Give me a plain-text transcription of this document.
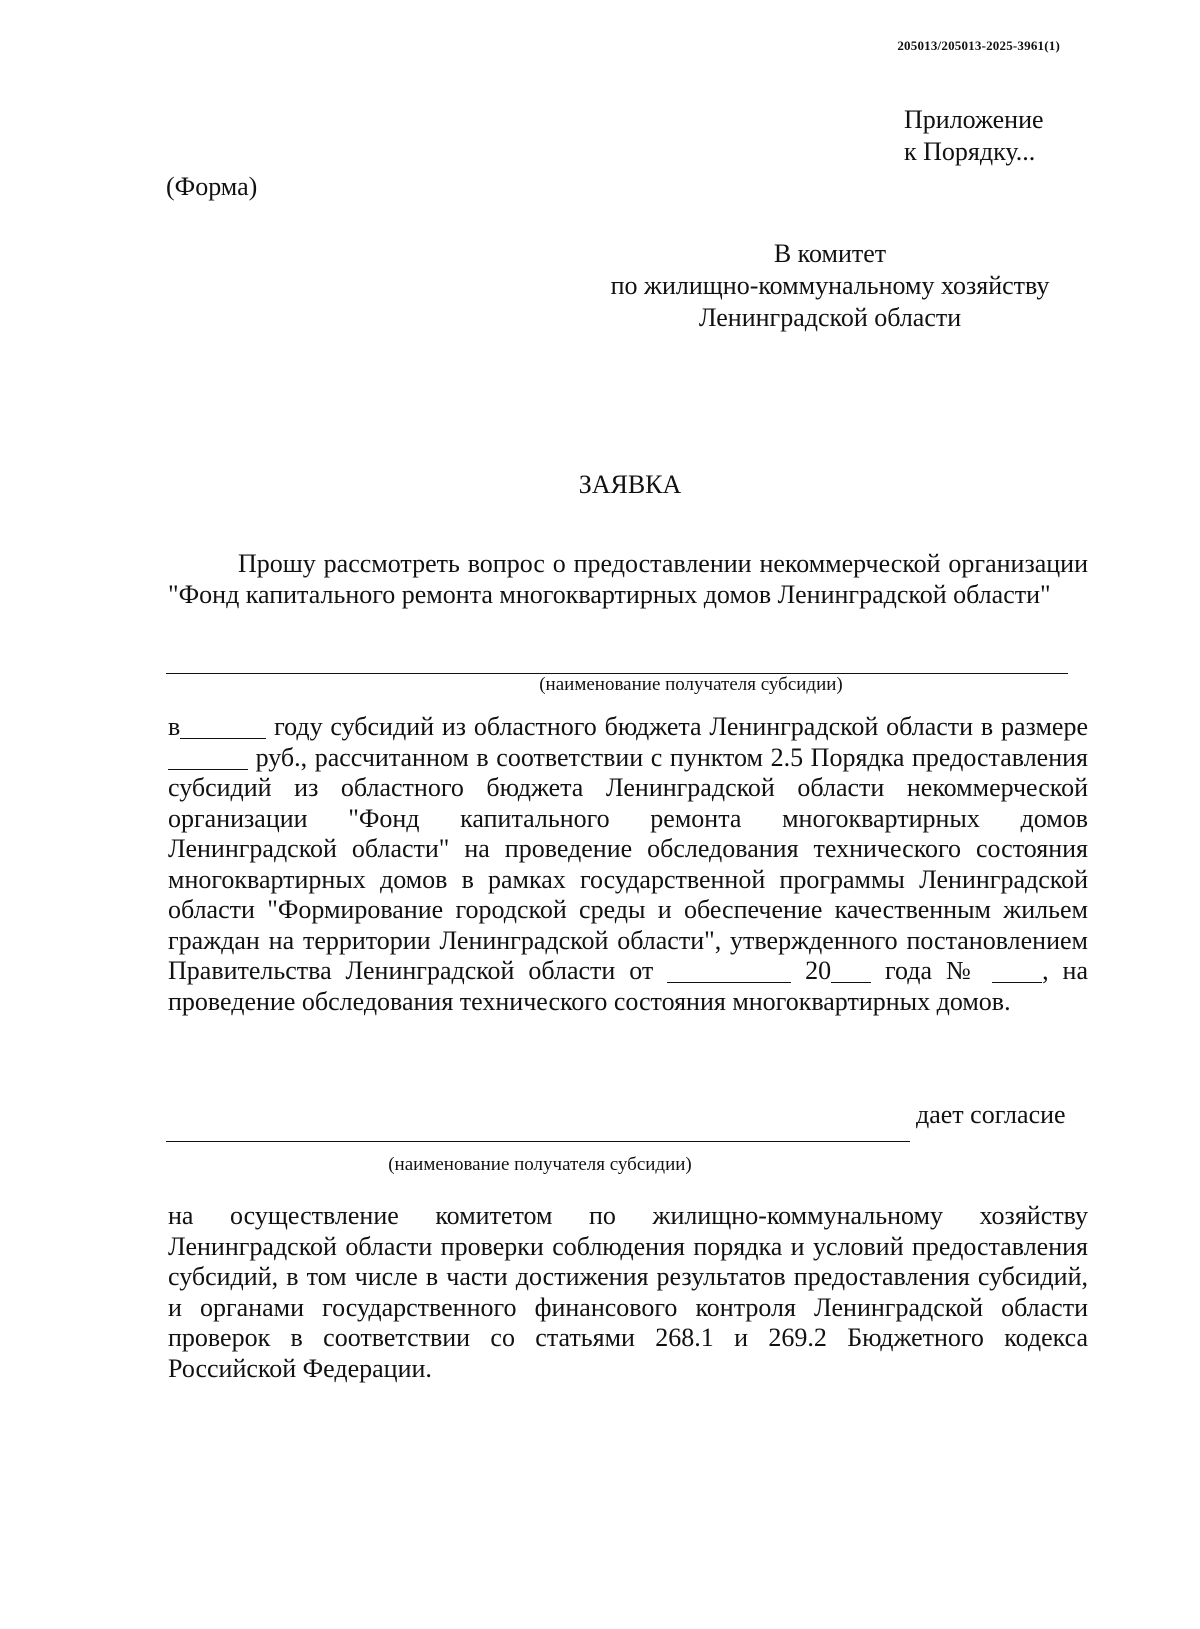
205013/205013-2025-3961(1)
Приложение
к Порядку...
(Форма)
В комитет
по жилищно-коммунальному хозяйству
Ленинградской области
ЗАЯВКА
Прошу рассмотреть вопрос о предоставлении некоммерческой организации "Фонд капитального ремонта многоквартирных домов Ленинградской области"
(наименование получателя субсидии)
в	году субсидий из областного бюджета Ленинградской области в размере руб., рассчитанном в соответствии с пунктом 2.5 Порядка предоставления субсидий из областного бюджета Ленинградской области некоммерческой организации "Фонд капитального ремонта многоквартирных домов Ленинградской области" на проведение обследования технического состояния многоквартирных домов в рамках государственной программы Ленинградской области "Формирование городской среды и обеспечение качественным жильем граждан на территории Ленинградской области", утвержденного постановлением Правительства Ленинградской области от	20 года № , на проведение обследования технического состояния многоквартирных домов.
дает согласие
(наименование получателя субсидии)
на осуществление комитетом по жилищно-коммунальному хозяйству Ленинградской области проверки соблюдения порядка и условий предоставления субсидий, в том числе в части достижения результатов предоставления субсидий, и органами государственного финансового контроля Ленинградской области проверок в соответствии со статьями 268.1 и 269.2 Бюджетного кодекса Российской Федерации.
